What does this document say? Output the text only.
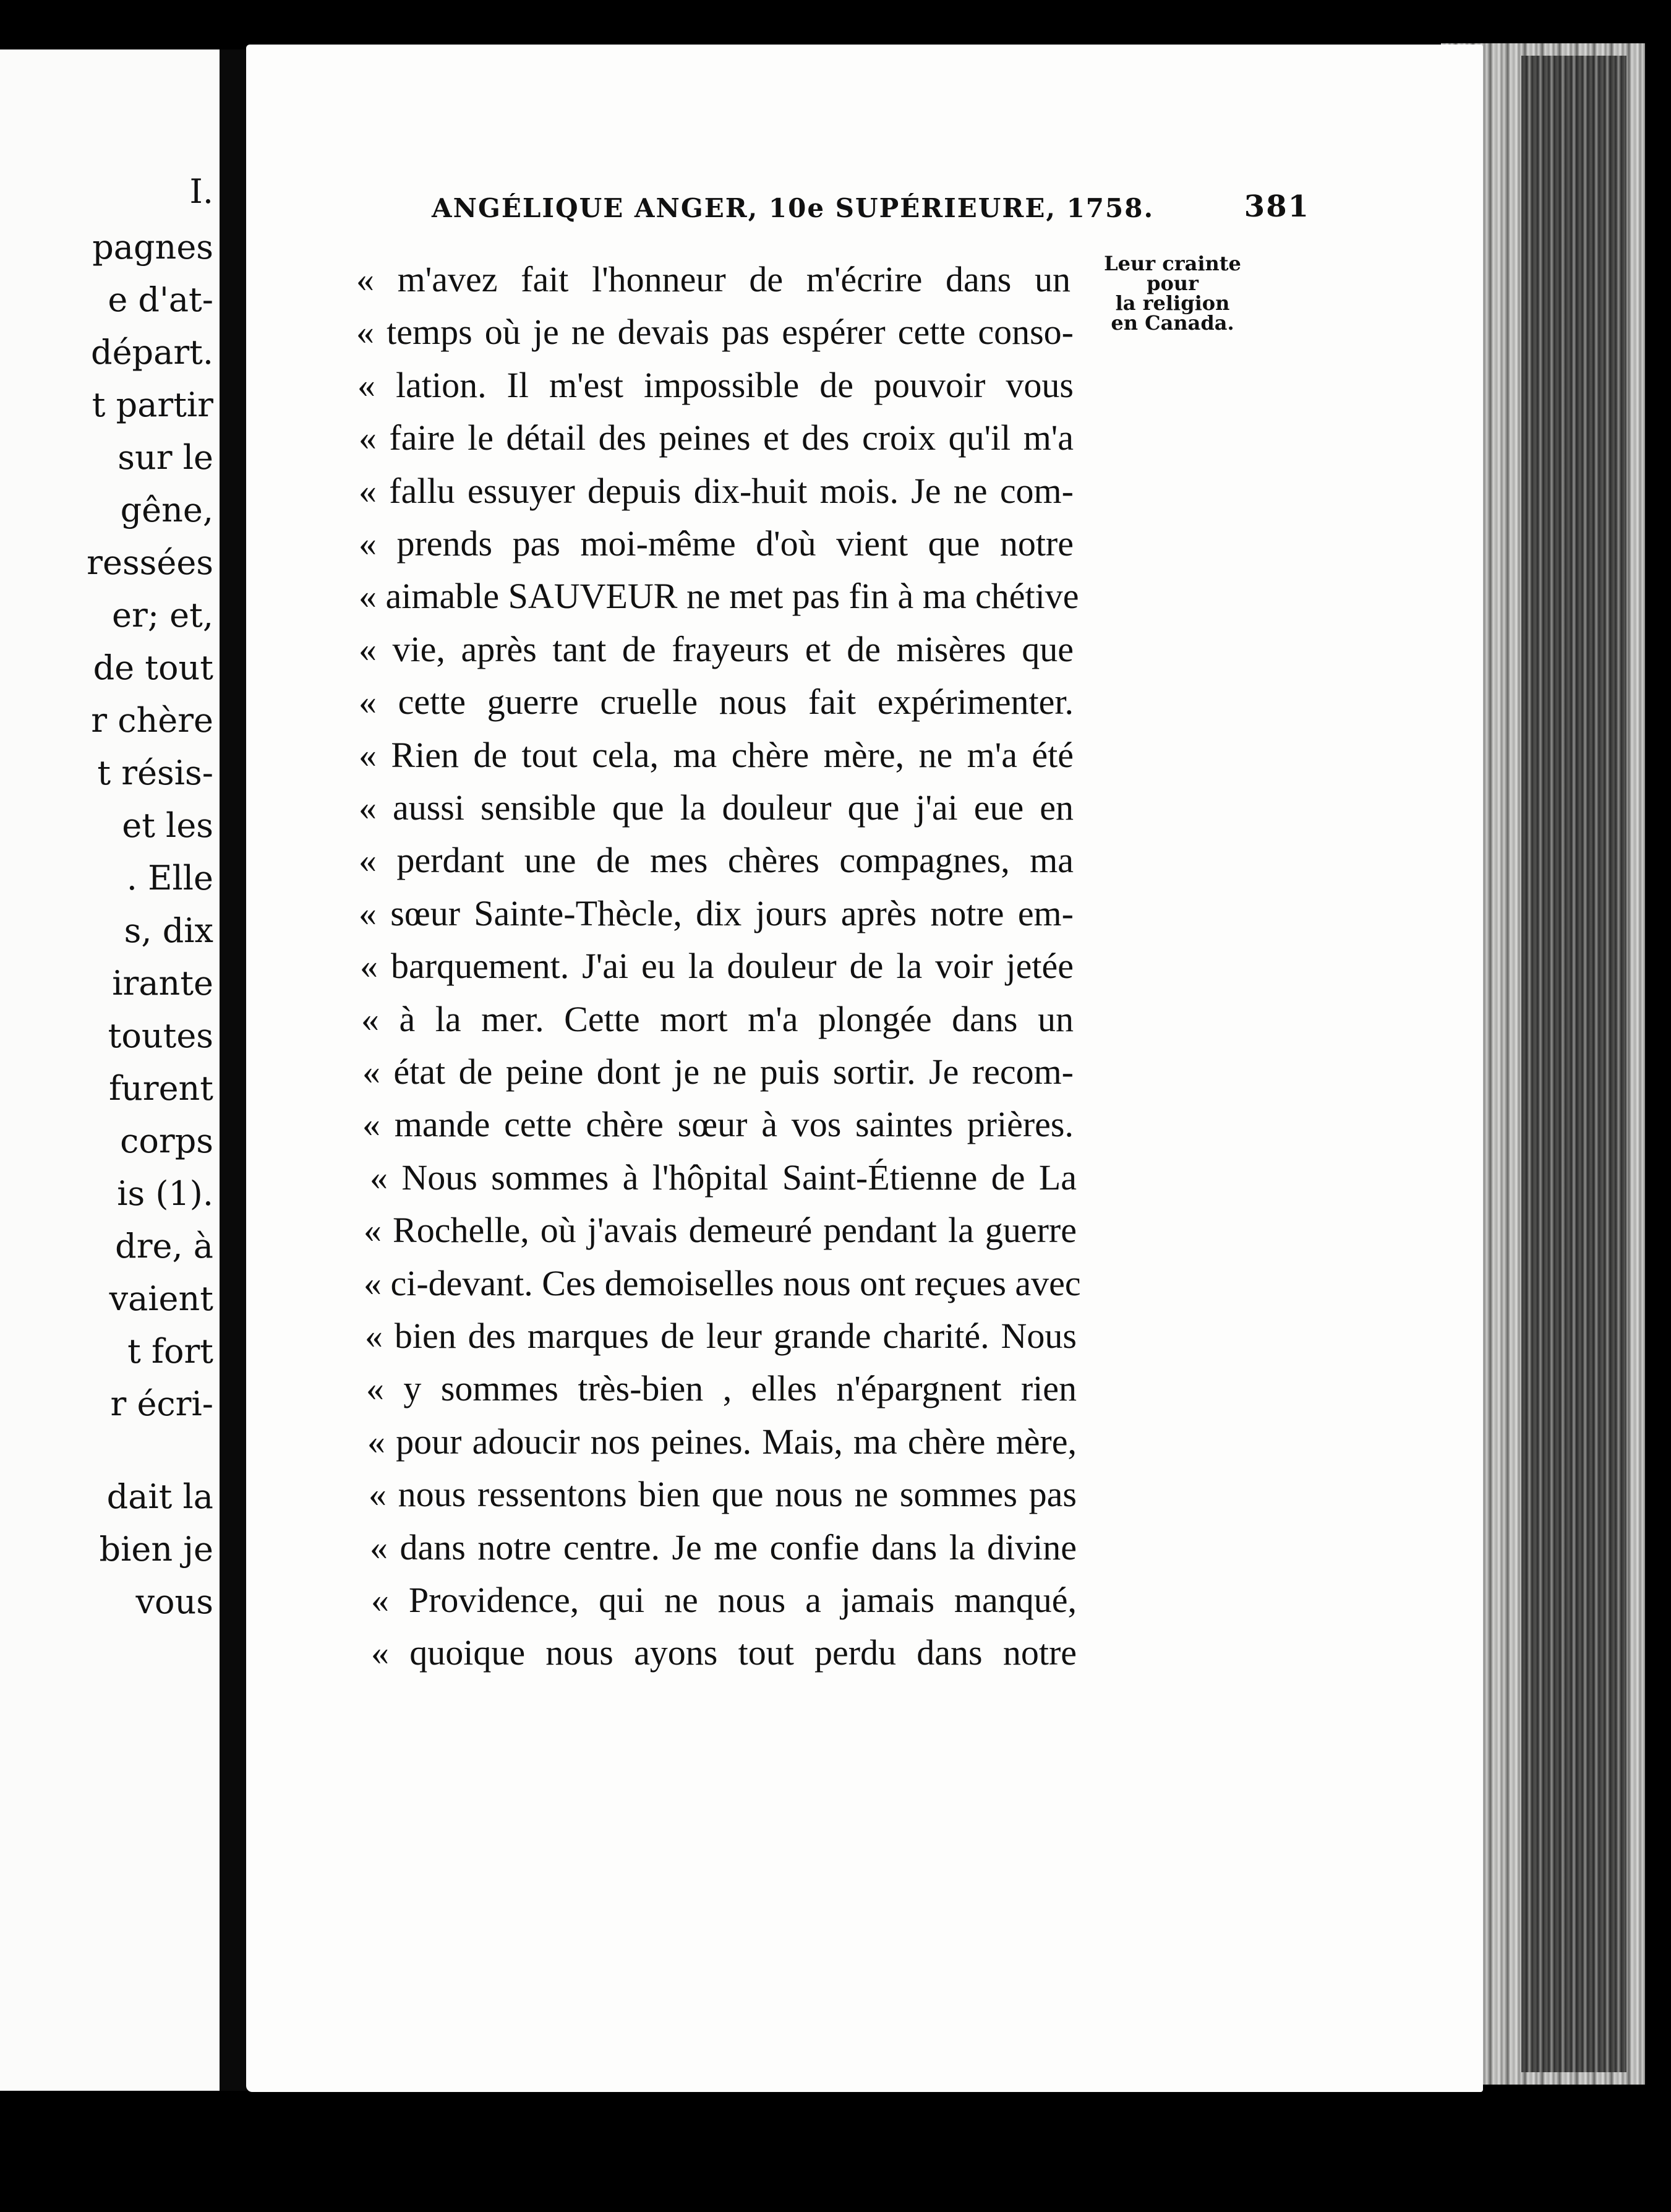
I.
pagnes
e d'at-
départ.
t partir
sur le
gêne,
ressées
er; et,
de tout
r chère
t résis-
et les
. Elle
s, dix
irante
toutes
furent
corps
is (1).
dre, à
vaient
t fort
r écri-
dait la
bien je
vous
ANGÉLIQUE ANGER, 10e SUPÉRIEURE, 1758.	381
Leur crainte
pour
la religion
en Canada.
« m'avez fait l'honneur de m'écrire dans un
« temps où je ne devais pas espérer cette conso-
« lation. Il m'est impossible de pouvoir vous
« faire le détail des peines et des croix qu'il m'a
« fallu essuyer depuis dix-huit mois. Je ne com-
« prends pas moi-même d'où vient que notre
« aimable SAUVEUR ne met pas fin à ma chétive
« vie, après tant de frayeurs et de misères que
« cette guerre cruelle nous fait expérimenter.
« Rien de tout cela, ma chère mère, ne m'a été
« aussi sensible que la douleur que j'ai eue en
« perdant une de mes chères compagnes, ma
« sœur Sainte-Thècle, dix jours après notre em-
« barquement. J'ai eu la douleur de la voir jetée
« à la mer. Cette mort m'a plongée dans un
« état de peine dont je ne puis sortir. Je recom-
« mande cette chère sœur à vos saintes prières.
« Nous sommes à l'hôpital Saint-Étienne de La
« Rochelle, où j'avais demeuré pendant la guerre
« ci-devant. Ces demoiselles nous ont reçues avec
« bien des marques de leur grande charité. Nous
« y sommes très-bien , elles n'épargnent rien
« pour adoucir nos peines. Mais, ma chère mère,
« nous ressentons bien que nous ne sommes pas
« dans notre centre. Je me confie dans la divine
« Providence, qui ne nous a jamais manqué,
« quoique nous ayons tout perdu dans notre
